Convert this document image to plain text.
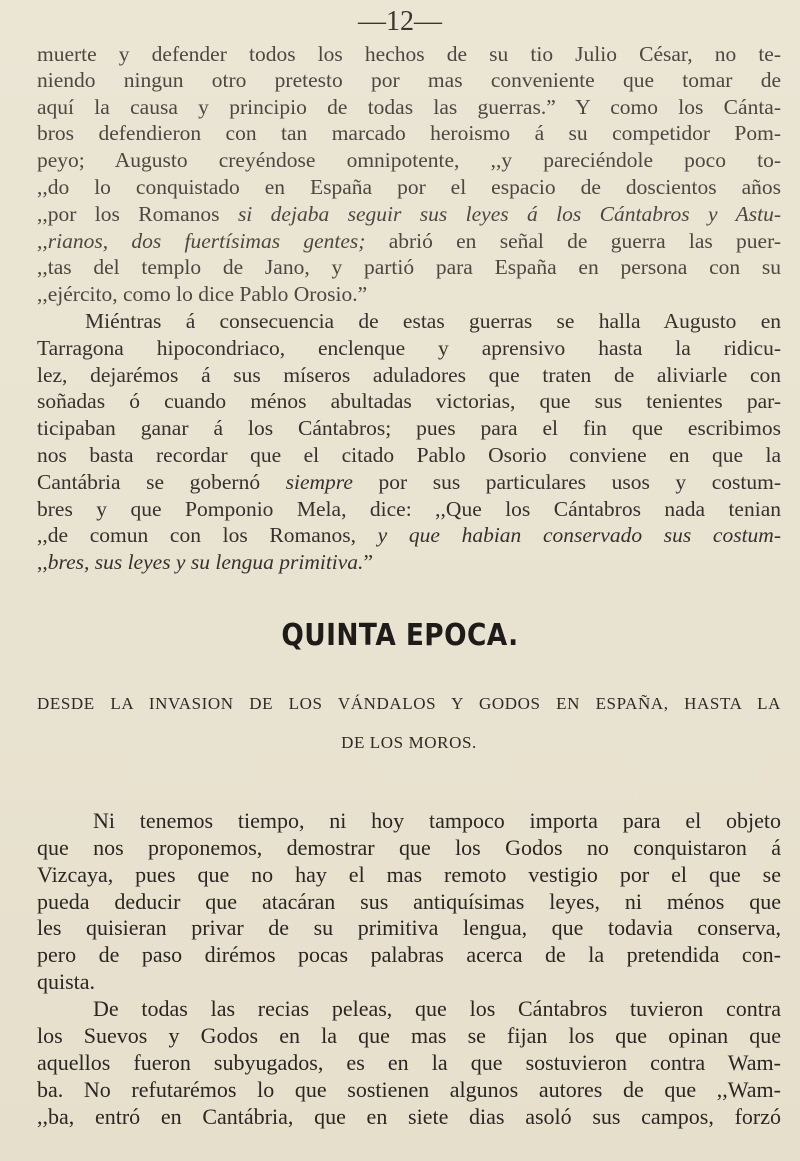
—12—
muerte y defender todos los hechos de su tio Julio César, no te-
niendo ningun otro pretesto por mas conveniente que tomar de
aquí la causa y principio de todas las guerras.” Y como los Cánta-
bros defendieron con tan marcado heroismo á su competidor Pom-
peyo; Augusto creyéndose omnipotente, ,,y pareciéndole poco to-
,,do lo conquistado en España por el espacio de doscientos años
,,por los Romanos si dejaba seguir sus leyes á los Cántabros y Astu-
,,rianos, dos fuertísimas gentes; abrió en señal de guerra las puer-
,,tas del templo de Jano, y partió para España en persona con su
,,ejército, como lo dice Pablo Orosio.”
Miéntras á consecuencia de estas guerras se halla Augusto en
Tarragona hipocondriaco, enclenque y aprensivo hasta la ridicu-
lez, dejarémos á sus míseros aduladores que traten de aliviarle con
soñadas ó cuando ménos abultadas victorias, que sus tenientes par-
ticipaban ganar á los Cántabros; pues para el fin que escribimos
nos basta recordar que el citado Pablo Osorio conviene en que la
Cantábria se gobernó siempre por sus particulares usos y costum-
bres y que Pomponio Mela, dice: ,,Que los Cántabros nada tenian
,,de comun con los Romanos, y que habian conservado sus costum-
,,bres, sus leyes y su lengua primitiva.”
QUINTA EPOCA.
DESDE LA INVASION DE LOS VÁNDALOS Y GODOS EN ESPAÑA, HASTA LA
DE LOS MOROS.
Ni tenemos tiempo, ni hoy tampoco importa para el objeto
que nos proponemos, demostrar que los Godos no conquistaron á
Vizcaya, pues que no hay el mas remoto vestigio por el que se
pueda deducir que atacáran sus antiquísimas leyes, ni ménos que
les quisieran privar de su primitiva lengua, que todavia conserva,
pero de paso dirémos pocas palabras acerca de la pretendida con-
quista.
De todas las recias peleas, que los Cántabros tuvieron contra
los Suevos y Godos en la que mas se fijan los que opinan que
aquellos fueron subyugados, es en la que sostuvieron contra Wam-
ba. No refutarémos lo que sostienen algunos autores de que ,,Wam-
,,ba, entró en Cantábria, que en siete dias asoló sus campos, forzó
